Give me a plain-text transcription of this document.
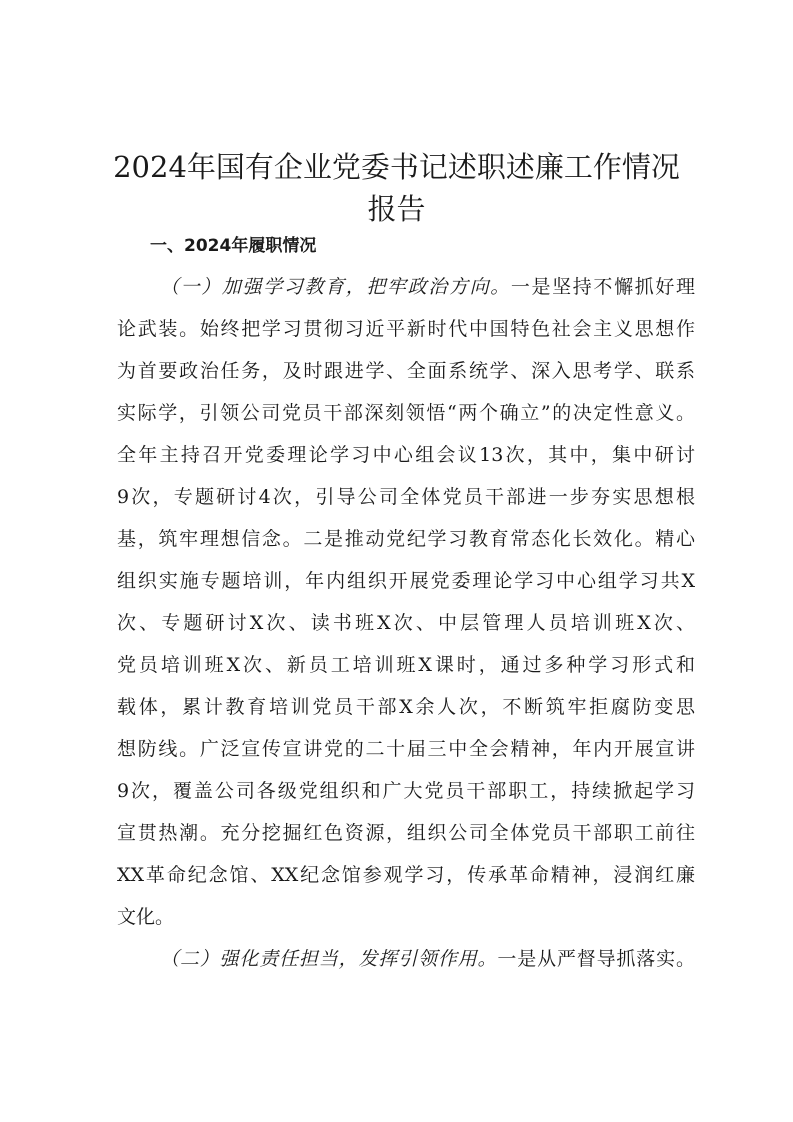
2024年国有企业党委书记述职述廉工作情况
报告
一、2024年履职情况
（一）加强学习教育，把牢政治方向。一是坚持不懈抓好理
论武装。始终把学习贯彻习近平新时代中国特色社会主义思想作
为首要政治任务，及时跟进学、全面系统学、深入思考学、联系
实际学，引领公司党员干部深刻领悟“两个确立”的决定性意义。
全年主持召开党委理论学习中心组会议13次，其中，集中研讨
9次，专题研讨4次，引导公司全体党员干部进一步夯实思想根
基，筑牢理想信念。二是推动党纪学习教育常态化长效化。精心
组织实施专题培训，年内组织开展党委理论学习中心组学习共X
次、专题研讨X次、读书班X次、中层管理人员培训班X次、
党员培训班X次、新员工培训班X课时，通过多种学习形式和
载体，累计教育培训党员干部X余人次，不断筑牢拒腐防变思
想防线。广泛宣传宣讲党的二十届三中全会精神，年内开展宣讲
9次，覆盖公司各级党组织和广大党员干部职工，持续掀起学习
宣贯热潮。充分挖掘红色资源，组织公司全体党员干部职工前往
XX革命纪念馆、XX纪念馆参观学习，传承革命精神，浸润红廉
文化。
（二）强化责任担当，发挥引领作用。一是从严督导抓落实。
